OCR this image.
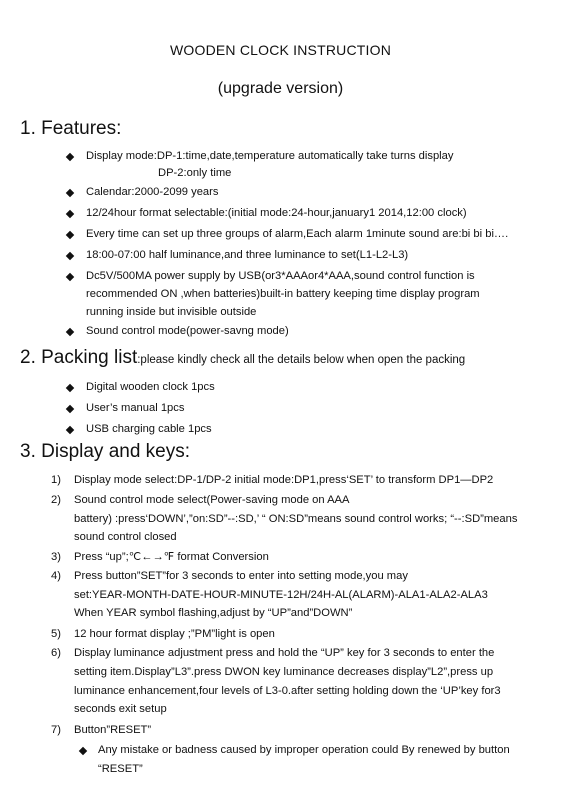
WOODEN CLOCK INSTRUCTION
(upgrade version)
1. Features:
Display mode:DP-1:time,date,temperature automatically take turns display
DP-2:only time
Calendar:2000-2099 years
12/24hour format selectable:(initial mode:24-hour,january1 2014,12:00 clock)
Every time can set up three groups of alarm,Each alarm 1minute sound are:bi bi bi….
18:00-07:00 half luminance,and three luminance to set(L1-L2-L3)
Dc5V/500MA power supply by USB(or3*AAAor4*AAA,sound control function is
recommended ON ,when batteries)built-in battery keeping time display program
running inside but invisible outside
Sound control mode(power-savng mode)
2. Packing list:please kindly check all the details below when open the packing
Digital wooden clock 1pcs
User’s manual 1pcs
USB charging cable 1pcs
3. Display and keys:
1) Display mode select:DP-1/DP-2 initial mode:DP1,press‘SET’ to transform DP1—DP2
2) Sound control mode select(Power-saving mode on AAA
battery) :press‘DOWN’,”on:SD”--:SD,’ “ ON:SD”means sound control works; “--:SD”means
sound control closed
3) Press “up”;℃←→℉ format Conversion
4) Press button”SET”for 3 seconds to enter into setting mode,you may
set:YEAR-MONTH-DATE-HOUR-MINUTE-12H/24H-AL(ALARM)-ALA1-ALA2-ALA3
When YEAR symbol flashing,adjust by “UP”and”DOWN”
5) 12 hour format display ;”PM”light is open
6) Display luminance adjustment press and hold the “UP” key for 3 seconds to enter the
setting item.Display”L3”.press DWON key luminance decreases display”L2”,press up
luminance enhancement,four levels of L3-0.after setting holding down the ‘UP’key for3
seconds exit setup
7) Button”RESET”
Any mistake or badness caused by improper operation could By renewed by button
“RESET”
